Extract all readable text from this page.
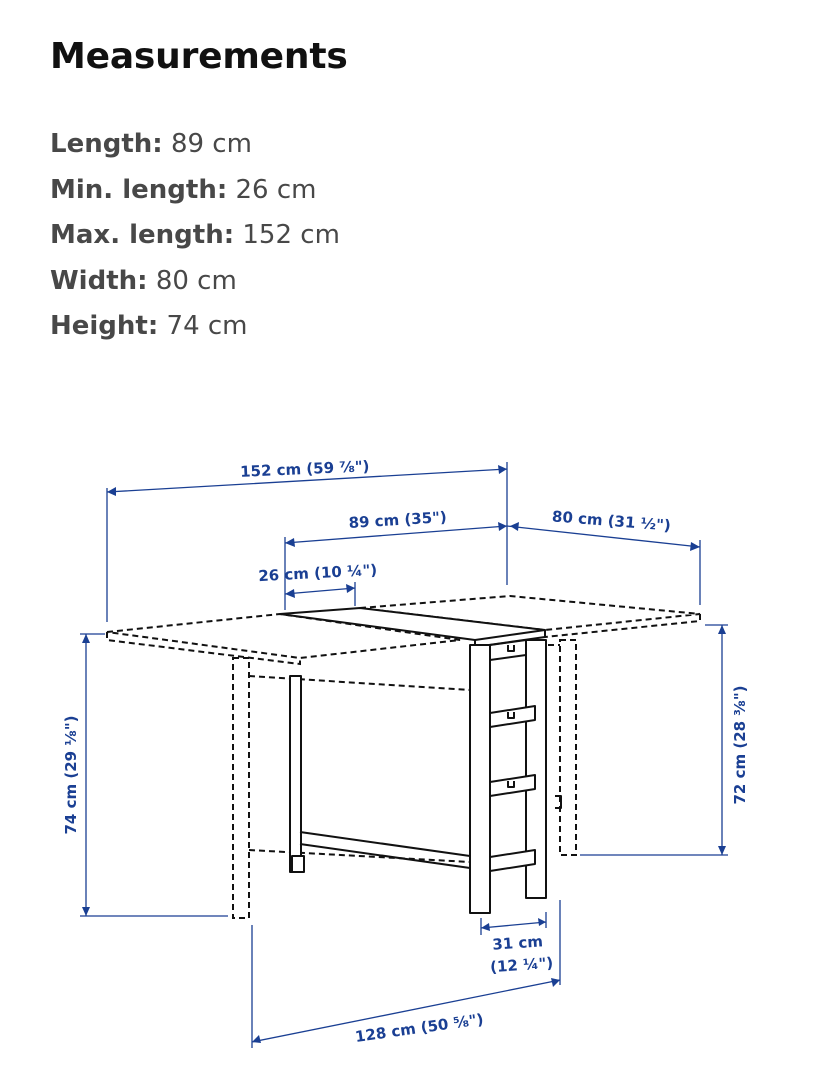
Measurements
Length: 89 cm
Min. length: 26 cm
Max. length: 152 cm
Width: 80 cm
Height: 74 cm
152 cm (59 ⅞")
89 cm (35")	80 cm (31 ½")
26 cm (10 ¼")
74 cm (29 ⅛")	72 cm (28 ⅜")
31 cm
(12 ¼")
128 cm (50 ⅝")
